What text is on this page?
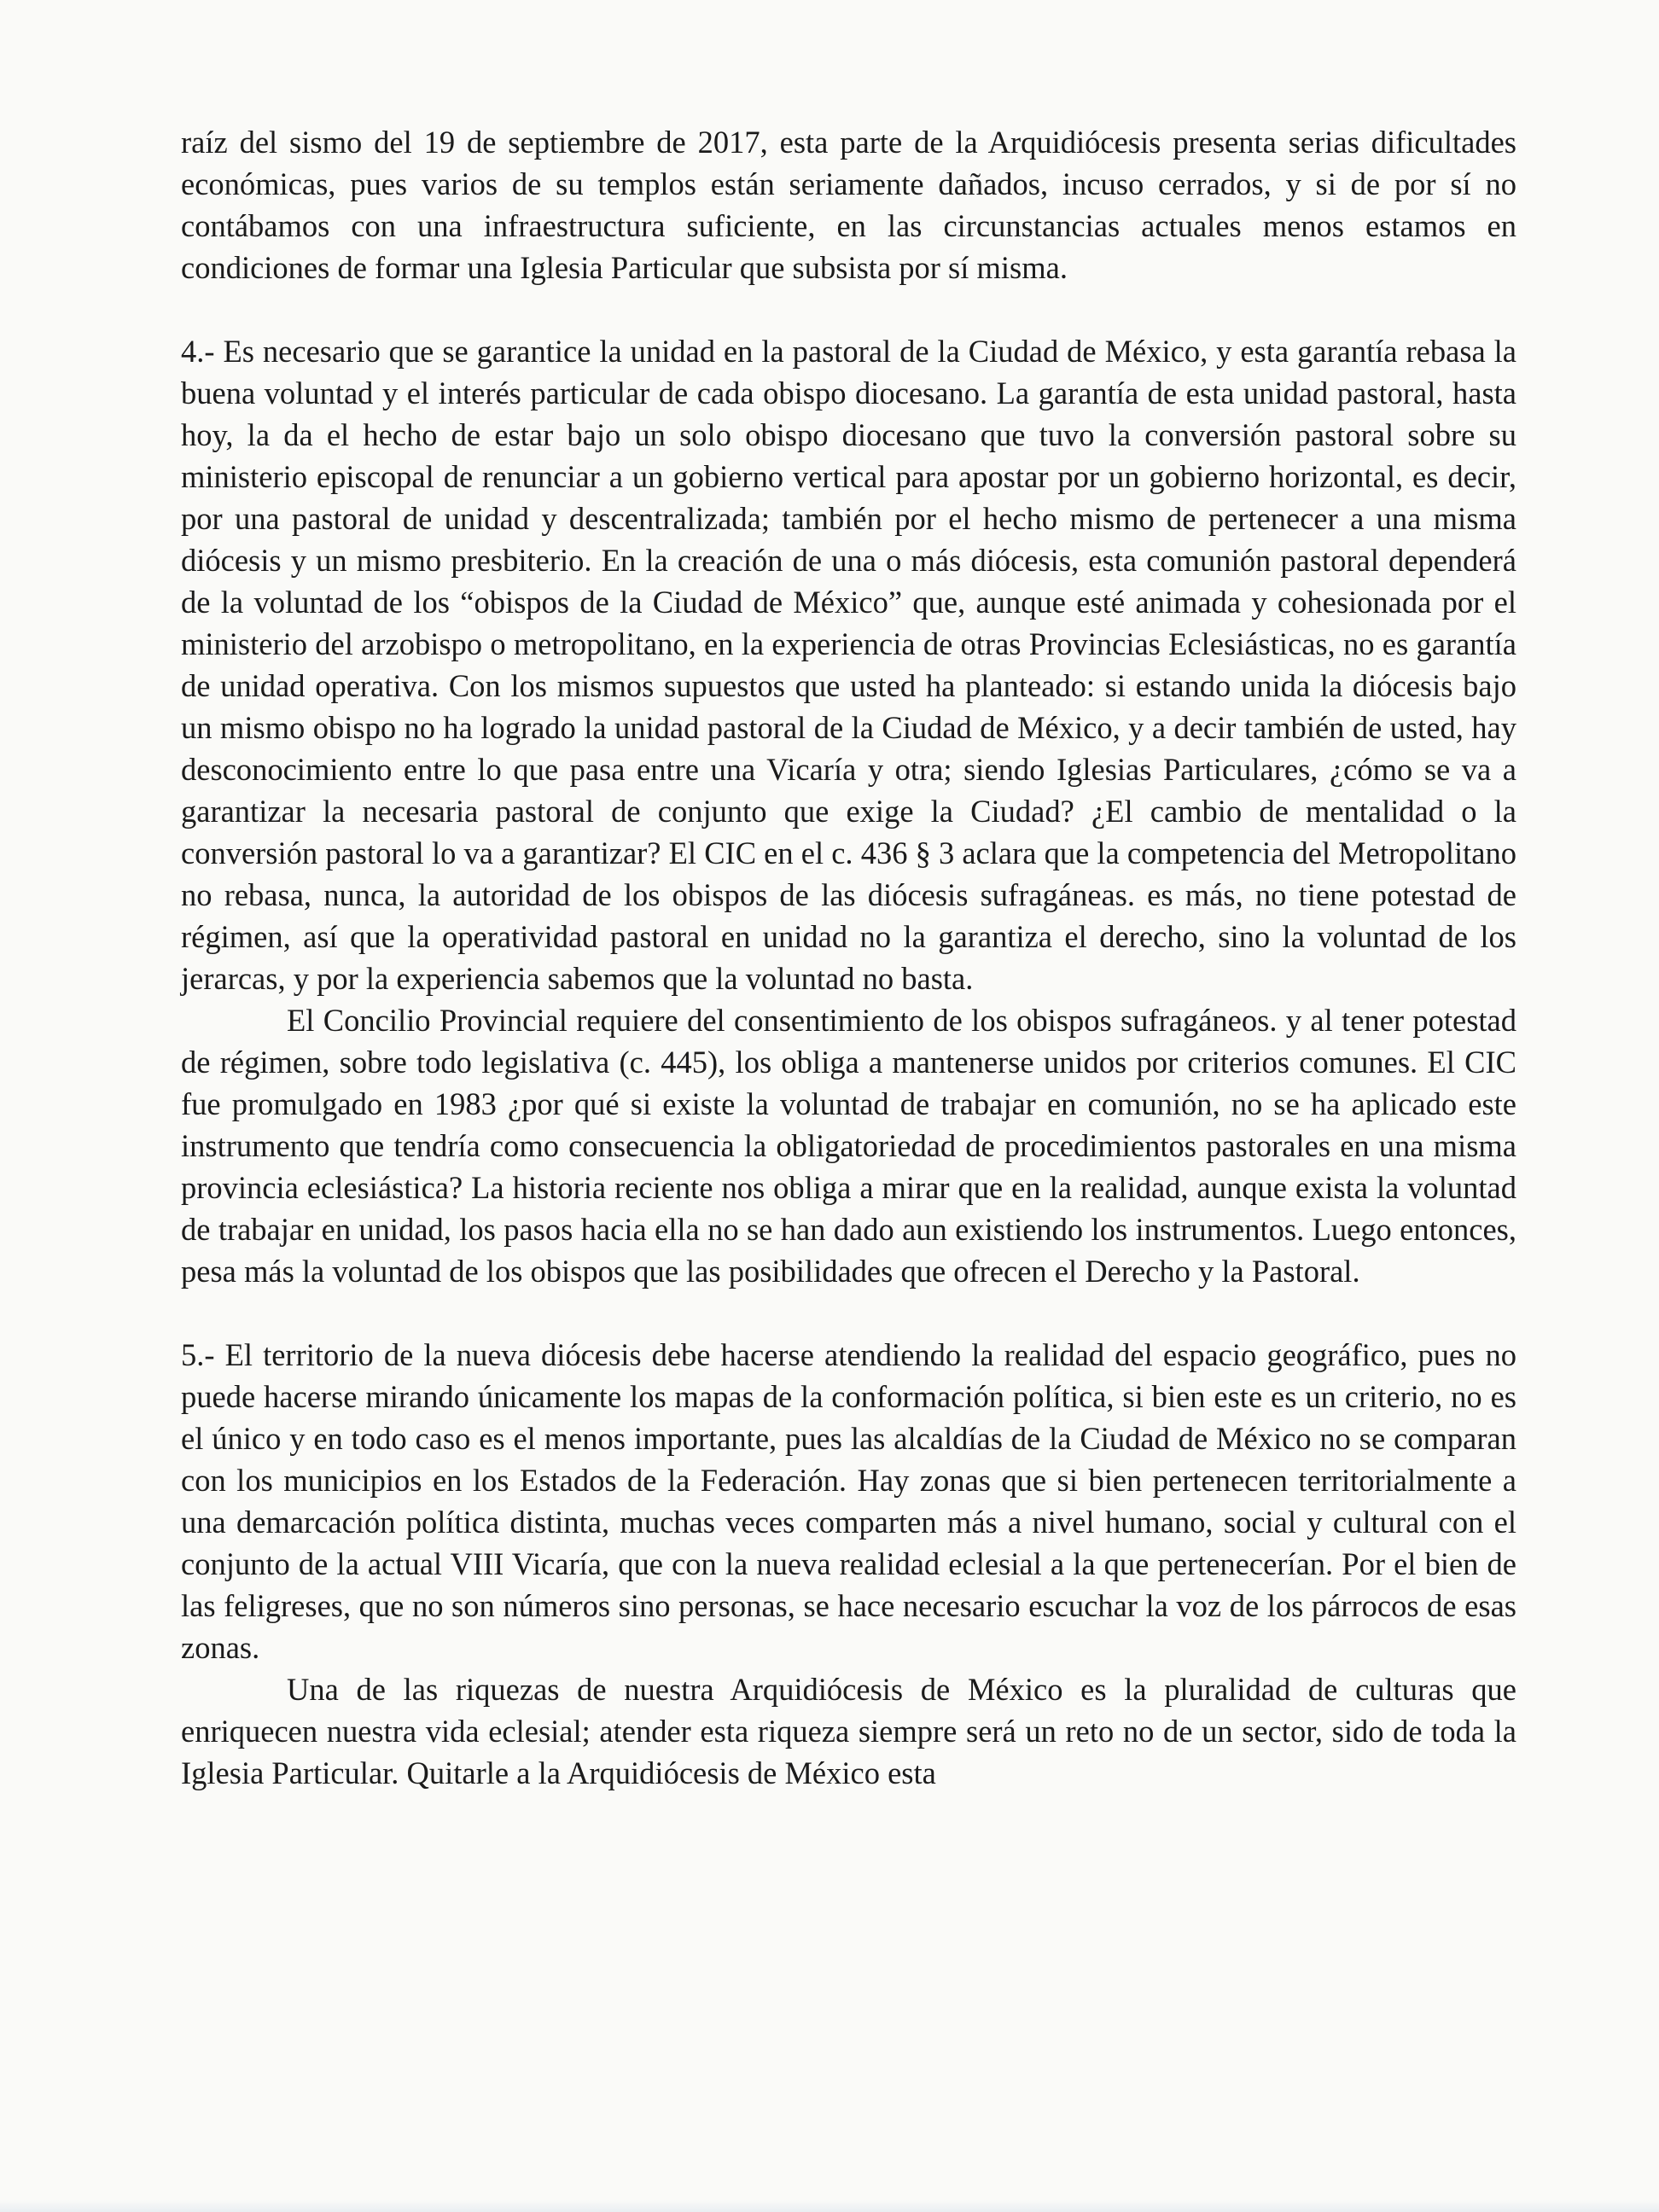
raíz del sismo del 19 de septiembre de 2017, esta parte de la Arquidiócesis presenta serias dificultades económicas, pues varios de su templos están seriamente dañados, incuso cerrados, y si de por sí no contábamos con una infraestructura suficiente, en las circunstancias actuales menos estamos en condiciones de formar una Iglesia Particular que subsista por sí misma.

4.- Es necesario que se garantice la unidad en la pastoral de la Ciudad de México, y esta garantía rebasa la buena voluntad y el interés particular de cada obispo diocesano. La garantía de esta unidad pastoral, hasta hoy, la da el hecho de estar bajo un solo obispo diocesano que tuvo la conversión pastoral sobre su ministerio episcopal de renunciar a un gobierno vertical para apostar por un gobierno horizontal, es decir, por una pastoral de unidad y descentralizada; también por el hecho mismo de pertenecer a una misma diócesis y un mismo presbiterio. En la creación de una o más diócesis, esta comunión pastoral dependerá de la voluntad de los “obispos de la Ciudad de México” que, aunque esté animada y cohesionada por el ministerio del arzobispo o metropolitano, en la experiencia de otras Provincias Eclesiásticas, no es garantía de unidad operativa. Con los mismos supuestos que usted ha planteado: si estando unida la diócesis bajo un mismo obispo no ha logrado la unidad pastoral de la Ciudad de México, y a decir también de usted, hay desconocimiento entre lo que pasa entre una Vicaría y otra; siendo Iglesias Particulares, ¿cómo se va a garantizar la necesaria pastoral de conjunto que exige la Ciudad? ¿El cambio de mentalidad o la conversión pastoral lo va a garantizar? El CIC en el c. 436 § 3 aclara que la competencia del Metropolitano no rebasa, nunca, la autoridad de los obispos de las diócesis sufragáneas. es más, no tiene potestad de régimen, así que la operatividad pastoral en unidad no la garantiza el derecho, sino la voluntad de los jerarcas, y por la experiencia sabemos que la voluntad no basta.

El Concilio Provincial requiere del consentimiento de los obispos sufragáneos. y al tener potestad de régimen, sobre todo legislativa (c. 445), los obliga a mantenerse unidos por criterios comunes. El CIC fue promulgado en 1983 ¿por qué si existe la voluntad de trabajar en comunión, no se ha aplicado este instrumento que tendría como consecuencia la obligatoriedad de procedimientos pastorales en una misma provincia eclesiástica? La historia reciente nos obliga a mirar que en la realidad, aunque exista la voluntad de trabajar en unidad, los pasos hacia ella no se han dado aun existiendo los instrumentos. Luego entonces, pesa más la voluntad de los obispos que las posibilidades que ofrecen el Derecho y la Pastoral.

5.- El territorio de la nueva diócesis debe hacerse atendiendo la realidad del espacio geográfico, pues no puede hacerse mirando únicamente los mapas de la conformación política, si bien este es un criterio, no es el único y en todo caso es el menos importante, pues las alcaldías de la Ciudad de México no se comparan con los municipios en los Estados de la Federación. Hay zonas que si bien pertenecen territorialmente a una demarcación política distinta, muchas veces comparten más a nivel humano, social y cultural con el conjunto de la actual VIII Vicaría, que con la nueva realidad eclesial a la que pertenecerían. Por el bien de las feligreses, que no son números sino personas, se hace necesario escuchar la voz de los párrocos de esas zonas.

Una de las riquezas de nuestra Arquidiócesis de México es la pluralidad de culturas que enriquecen nuestra vida eclesial; atender esta riqueza siempre será un reto no de un sector, sido de toda la Iglesia Particular. Quitarle a la Arquidiócesis de México esta
